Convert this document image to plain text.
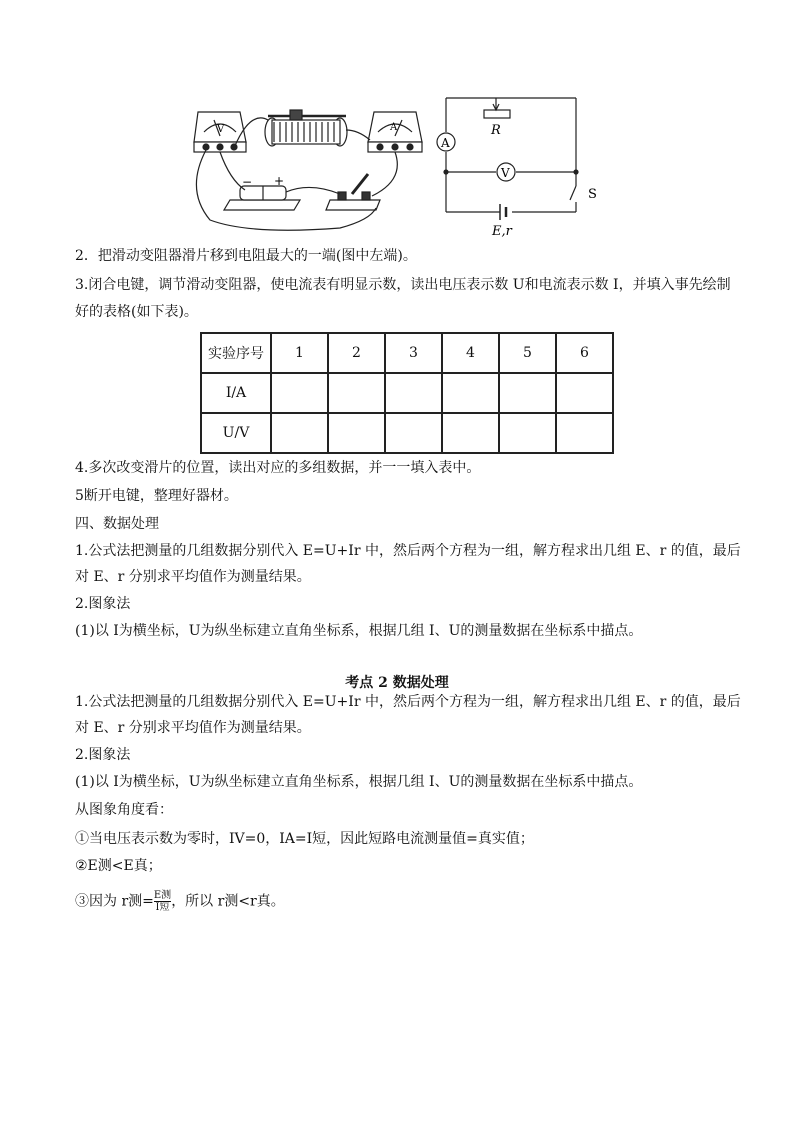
V	A
− +
A
V
R
S
E,r
2．把滑动变阻器滑片移到电阻最大的一端(图中左端)。
3.闭合电键，调节滑动变阻器，使电流表有明显示数，读出电压表示数 U和电流表示数 I，并填入事先绘制
好的表格(如下表)。
实验序号	1	2	3	4	5	6
I/A						
U/V						
4.多次改变滑片的位置，读出对应的多组数据，并一一填入表中。
5断开电键，整理好器材。
四、数据处理
1.公式法把测量的几组数据分别代入 E=U+Ir 中，然后两个方程为一组，解方程求出几组 E、r 的值，最后
对 E、r 分别求平均值作为测量结果。
2.图象法
(1)以 I为横坐标，U为纵坐标建立直角坐标系，根据几组 I、U的测量数据在坐标系中描点。
考点 2 数据处理
1.公式法把测量的几组数据分别代入 E=U+Ir 中，然后两个方程为一组，解方程求出几组 E、r 的值，最后
对 E、r 分别求平均值作为测量结果。
2.图象法
(1)以 I为横坐标，U为纵坐标建立直角坐标系，根据几组 I、U的测量数据在坐标系中描点。
从图象角度看：
①当电压表示数为零时，IV=0，IA=I短，因此短路电流测量值=真实值；
②E测<E真；
③因为 r测= $\frac{\text{E测}}{\text{I短}}$ ，所以 r测<r真。
